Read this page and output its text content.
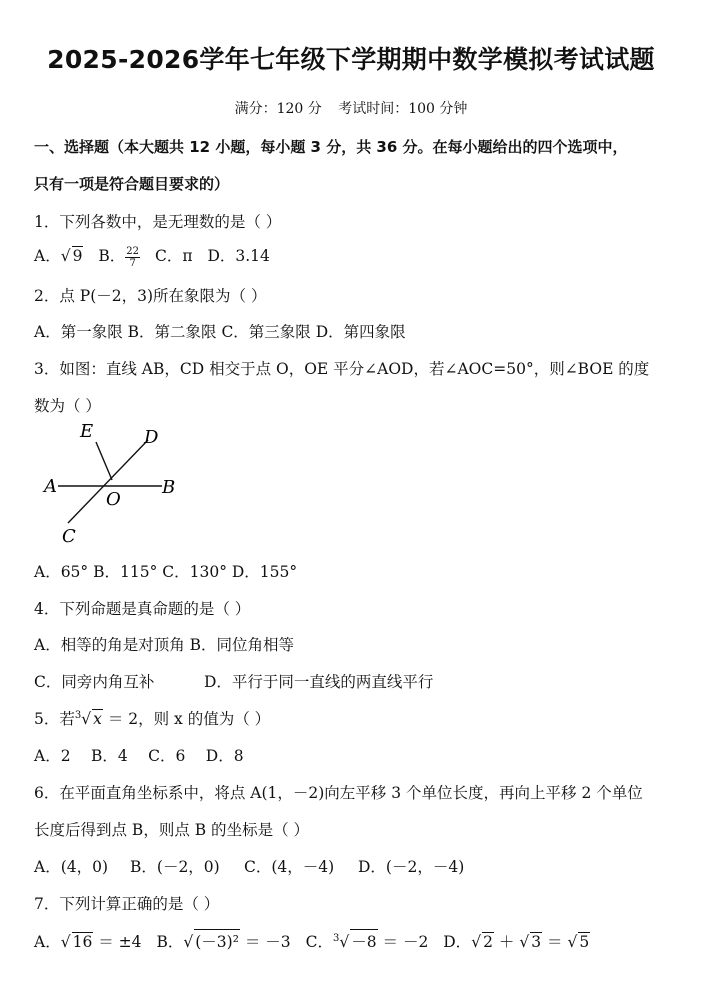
2025-2026学年七年级下学期期中数学模拟考试试题
满分：120 分 考试时间：100 分钟
一、选择题（本大题共 12 小题，每小题 3 分，共 36 分。在每小题给出的四个选项中，
只有一项是符合题目要求的）
1．下列各数中，是无理数的是（ ）
A．√ 9 B． $\frac{22}{7}$ C．π D．3.14
2．点 P(－2，3)所在象限为（ ）
A．第一象限 B．第二象限 C．第三象限 D．第四象限
3．如图：直线 AB，CD 相交于点 O，OE 平分∠AOD，若∠AOC=50°，则∠BOE 的度
数为（ ）
E	D
A
O
B
C
A．65° B．115° C．130° D．155°
4．下列命题是真命题的是（ ）
A．相等的角是对顶角 B．同位角相等
C．同旁内角互补	D．平行于同一直线的两直线平行
5．若$^3$√ x ＝ 2，则 x 的值为（ ）
A．2　 B．4　 C．6　 D．8
6．在平面直角坐标系中，将点 A(1，－2)向左平移 3 个单位长度，再向上平移 2 个单位
长度后得到点 B，则点 B 的坐标是（ ）
A．(4，0) B．(－2，0) C．(4，－4) D．(－2，－4)
7．下列计算正确的是（ ）
A．√ 16 ＝ ±4 B．√ (－3)² ＝ －3 C．$^3$√ －8 ＝ －2 D．√ 2 ＋ √ 3 ＝ √ 5
